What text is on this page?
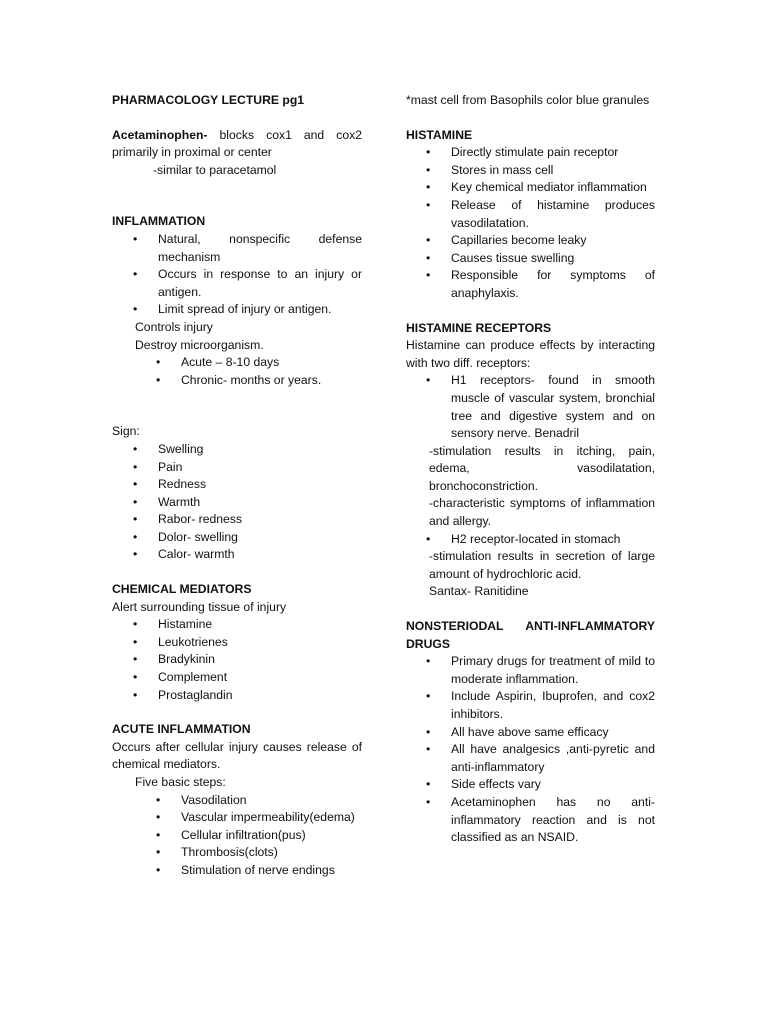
PHARMACOLOGY LECTURE pg1

Acetaminophen- blocks cox1 and cox2 primarily in proximal or center

-similar to paracetamol

INFLAMMATION

•	Natural, nonspecific defense mechanism
•	Occurs in response to an injury or antigen.
•	Limit spread of injury or antigen.

Controls injury

Destroy microorganism.

•	Acute – 8-10 days
•	Chronic- months or years.

Sign:

•	Swelling
•	Pain
•	Redness
•	Warmth
•	Rabor- redness
•	Dolor- swelling
•	Calor- warmth

CHEMICAL MEDIATORS

Alert surrounding tissue of injury

•	Histamine
•	Leukotrienes
•	Bradykinin
•	Complement
•	Prostaglandin

ACUTE INFLAMMATION

Occurs after cellular injury causes release of chemical mediators.

Five basic steps:

•	Vasodilation
•	Vascular impermeability(edema)
•	Cellular infiltration(pus)
•	Thrombosis(clots)
•	Stimulation of nerve endings

*mast cell from Basophils color blue granules

HISTAMINE

•	Directly stimulate pain receptor
•	Stores in mass cell
•	Key chemical mediator inflammation
•	Release of histamine produces vasodilatation.
•	Capillaries become leaky
•	Causes tissue swelling
•	Responsible for symptoms of anaphylaxis.

HISTAMINE RECEPTORS

Histamine can produce effects by interacting with two diff. receptors:

•	H1 receptors- found in smooth muscle of vascular system, bronchial tree and digestive system and on sensory nerve. Benadril

-stimulation results in itching, pain, edema, vasodilatation, bronchoconstriction.

-characteristic symptoms of inflammation and allergy.

•	H2 receptor-located in stomach

-stimulation results in secretion of large amount of hydrochloric acid.

Santax- Ranitidine

NONSTERIODAL ANTI-INFLAMMATORY DRUGS

•	Primary drugs for treatment of mild to moderate inflammation.
•	Include Aspirin, Ibuprofen, and cox2 inhibitors.
•	All have above same efficacy
•	All have analgesics ,anti-pyretic and anti-inflammatory
•	Side effects vary
•	Acetaminophen has no anti-inflammatory reaction and is not classified as an NSAID.
